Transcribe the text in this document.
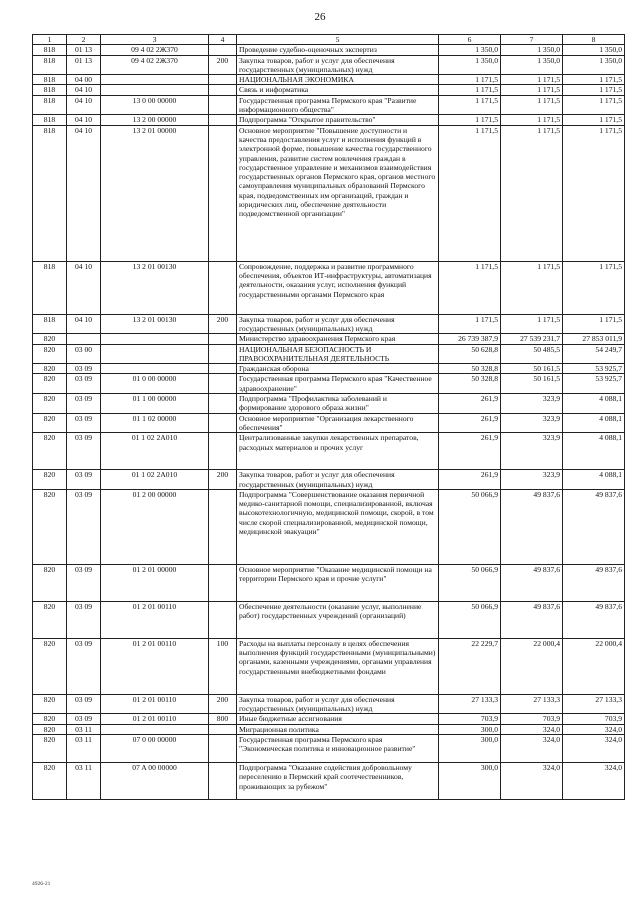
26
1	2	3	4	5	6	7	8
818	01 13	09 4 02 2Ж370		Проведение судебно-оценочных экспертиз	1 350,0	1 350,0	1 350,0
818	01 13	09 4 02 2Ж370	200	Закупка товаров, работ и услуг для обеспечения государственных (муниципальных) нужд	1 350,0	1 350,0	1 350,0
818	04 00			НАЦИОНАЛЬНАЯ ЭКОНОМИКА	1 171,5	1 171,5	1 171,5
818	04 10			Связь и информатика	1 171,5	1 171,5	1 171,5
818	04 10	13 0 00 00000		Государственная программа Пермского края "Развитие информационного общества"	1 171,5	1 171,5	1 171,5
818	04 10	13 2 00 00000		Подпрограмма "Открытое правительство"	1 171,5	1 171,5	1 171,5
818	04 10	13 2 01 00000		Основное мероприятие "Повышение доступности и качества предоставления услуг и исполнения функций в электронной форме, повышение качества государственного управления, развитие систем вовлечения граждан в государственное управление и механизмов взаимодействия государственных органов Пермского края, органов местного самоуправления муниципальных образований Пермского края, подведомственных им организаций, граждан и юридических лиц, обеспечение деятельности подведомственной организации"	1 171,5	1 171,5	1 171,5
818	04 10	13 2 01 00130		Сопровождение, поддержка и развитие программного обеспечения, объектов ИТ-инфраструктуры, автоматизация деятельности, оказания услуг, исполнения функций государственными органами Пермского края	1 171,5	1 171,5	1 171,5
818	04 10	13 2 01 00130	200	Закупка товаров, работ и услуг для обеспечения государственных (муниципальных) нужд	1 171,5	1 171,5	1 171,5
820				Министерство здравоохранения Пермского края	26 739 387,9	27 539 231,7	27 853 011,9
820	03 00			НАЦИОНАЛЬНАЯ БЕЗОПАСНОСТЬ И ПРАВООХРАНИТЕЛЬНАЯ ДЕЯТЕЛЬНОСТЬ	50 628,8	50 485,5	54 249,7
820	03 09			Гражданская оборона	50 328,8	50 161,5	53 925,7
820	03 09	01 0 00 00000		Государственная программа Пермского края "Качественное здравоохранение"	50 328,8	50 161,5	53 925,7
820	03 09	01 1 00 00000		Подпрограмма "Профилактика заболеваний и формирование здорового образа жизни"	261,9	323,9	4 088,1
820	03 09	01 1 02 00000		Основное мероприятие "Организация лекарственного обеспечения"	261,9	323,9	4 088,1
820	03 09	01 1 02 2A010		Централизованные закупки лекарственных препаратов, расходных материалов и прочих услуг	261,9	323,9	4 088,1
820	03 09	01 1 02 2A010	200	Закупка товаров, работ и услуг для обеспечения государственных (муниципальных) нужд	261,9	323,9	4 088,1
820	03 09	01 2 00 00000		Подпрограмма "Совершенствование оказания первичной медико-санитарной помощи, специализированной, включая высокотехнологичную, медицинской помощи, скорой, в том числе скорой специализированной, медицинской помощи, медицинской эвакуации"	50 066,9	49 837,6	49 837,6
820	03 09	01 2 01 00000		Основное мероприятие "Оказание медицинской помощи на территории Пермского края и прочие услуги"	50 066,9	49 837,6	49 837,6
820	03 09	01 2 01 00110		Обеспечение деятельности (оказание услуг, выполнение работ) государственных учреждений (организаций)	50 066,9	49 837,6	49 837,6
820	03 09	01 2 01 00110	100	Расходы на выплаты персоналу в целях обеспечения выполнения функций государственными (муниципальными) органами, казенными учреждениями, органами управления государственными внебюджетными фондами	22 229,7	22 000,4	22 000,4
820	03 09	01 2 01 00110	200	Закупка товаров, работ и услуг для обеспечения государственных (муниципальных) нужд	27 133,3	27 133,3	27 133,3
820	03 09	01 2 01 00110	800	Иные бюджетные ассигнования	703,9	703,9	703,9
820	03 11			Миграционная политика	300,0	324,0	324,0
820	03 11	07 0 00 00000		Государственная программа Пермского края "Экономическая политика и инновационное развитие"	300,0	324,0	324,0
820	03 11	07 A 00 00000		Подпрограмма "Оказание содействия добровольному переселению в Пермский край соотечественников, проживающих за рубежом"	300,0	324,0	324,0
4926-21
